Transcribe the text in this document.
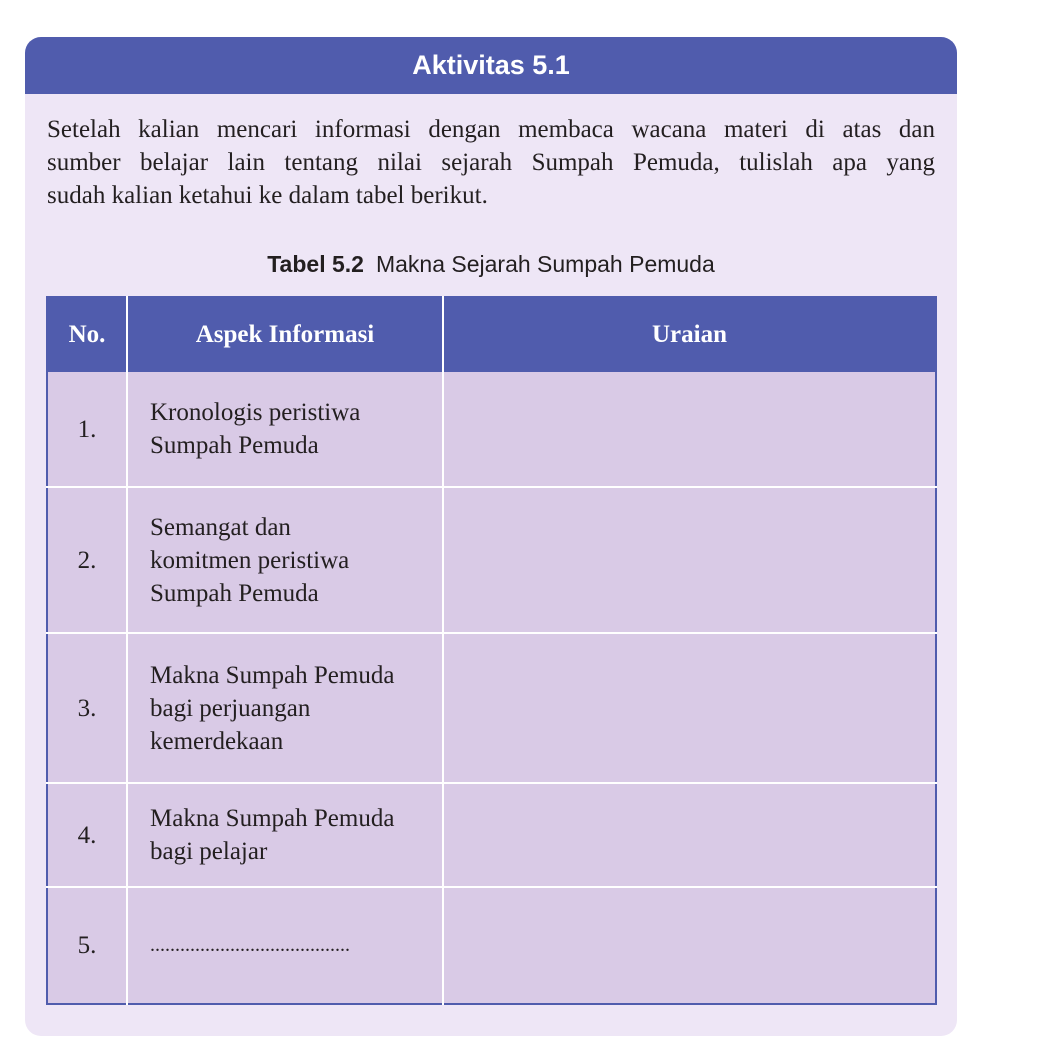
Aktivitas 5.1
Setelah kalian mencari informasi dengan membaca wacana materi di atas dan
sumber belajar lain tentang nilai sejarah Sumpah Pemuda, tulislah apa yang
sudah kalian ketahui ke dalam tabel berikut.
Tabel 5.2 Makna Sejarah Sumpah Pemuda
No.	Aspek Informasi	Uraian
1.	Kronologis peristiwa
Sumpah Pemuda	

2.	Semangat dan
komitmen peristiwa
Sumpah Pemuda	

3.	Makna Sumpah Pemuda
bagi perjuangan
kemerdekaan	

4.	Makna Sumpah Pemuda
bagi pelajar	

5.	........................................	
